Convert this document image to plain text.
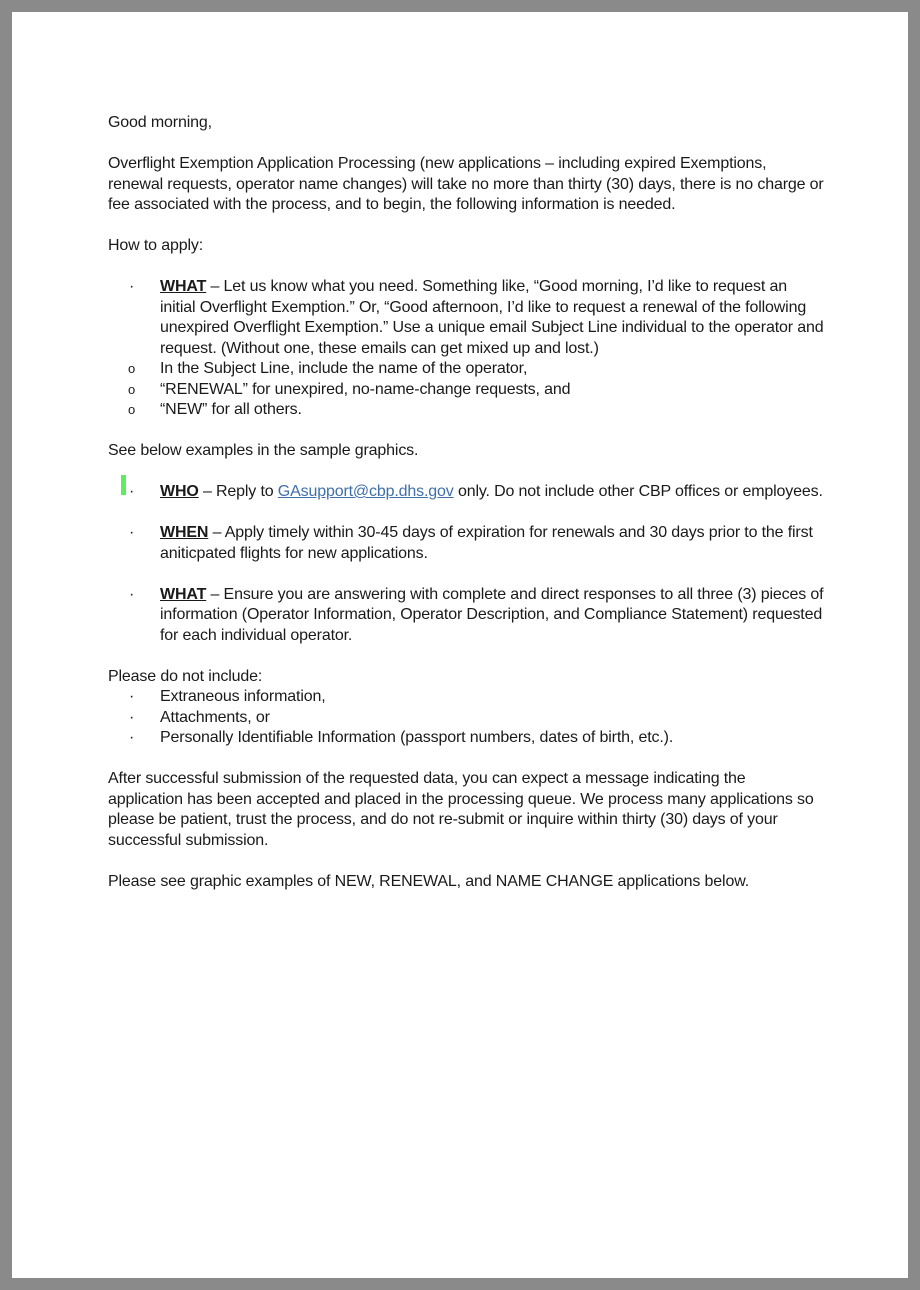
Good morning,

Overflight Exemption Application Processing (new applications – including expired Exemptions, renewal requests, operator name changes) will take no more than thirty (30) days, there is no charge or fee associated with the process, and to begin, the following information is needed.

How to apply:

· WHAT – Let us know what you need. Something like, “Good morning, I’d like to request an initial Overflight Exemption.” Or, “Good afternoon, I’d like to request a renewal of the following unexpired Overflight Exemption.” Use a unique email Subject Line individual to the operator and request. (Without one, these emails can get mixed up and lost.)
o In the Subject Line, include the name of the operator,
o “RENEWAL” for unexpired, no-name-change requests, and
o “NEW” for all others.

See below examples in the sample graphics.

· WHO – Reply to GAsupport@cbp.dhs.gov only. Do not include other CBP offices or employees.
· WHEN – Apply timely within 30-45 days of expiration for renewals and 30 days prior to the first aniticpated flights for new applications.
· WHAT – Ensure you are answering with complete and direct responses to all three (3) pieces of information (Operator Information, Operator Description, and Compliance Statement) requested for each individual operator.

Please do not include:

· Extraneous information,
· Attachments, or
· Personally Identifiable Information (passport numbers, dates of birth, etc.).

After successful submission of the requested data, you can expect a message indicating the application has been accepted and placed in the processing queue. We process many applications so please be patient, trust the process, and do not re-submit or inquire within thirty (30) days of your successful submission.

Please see graphic examples of NEW, RENEWAL, and NAME CHANGE applications below.
